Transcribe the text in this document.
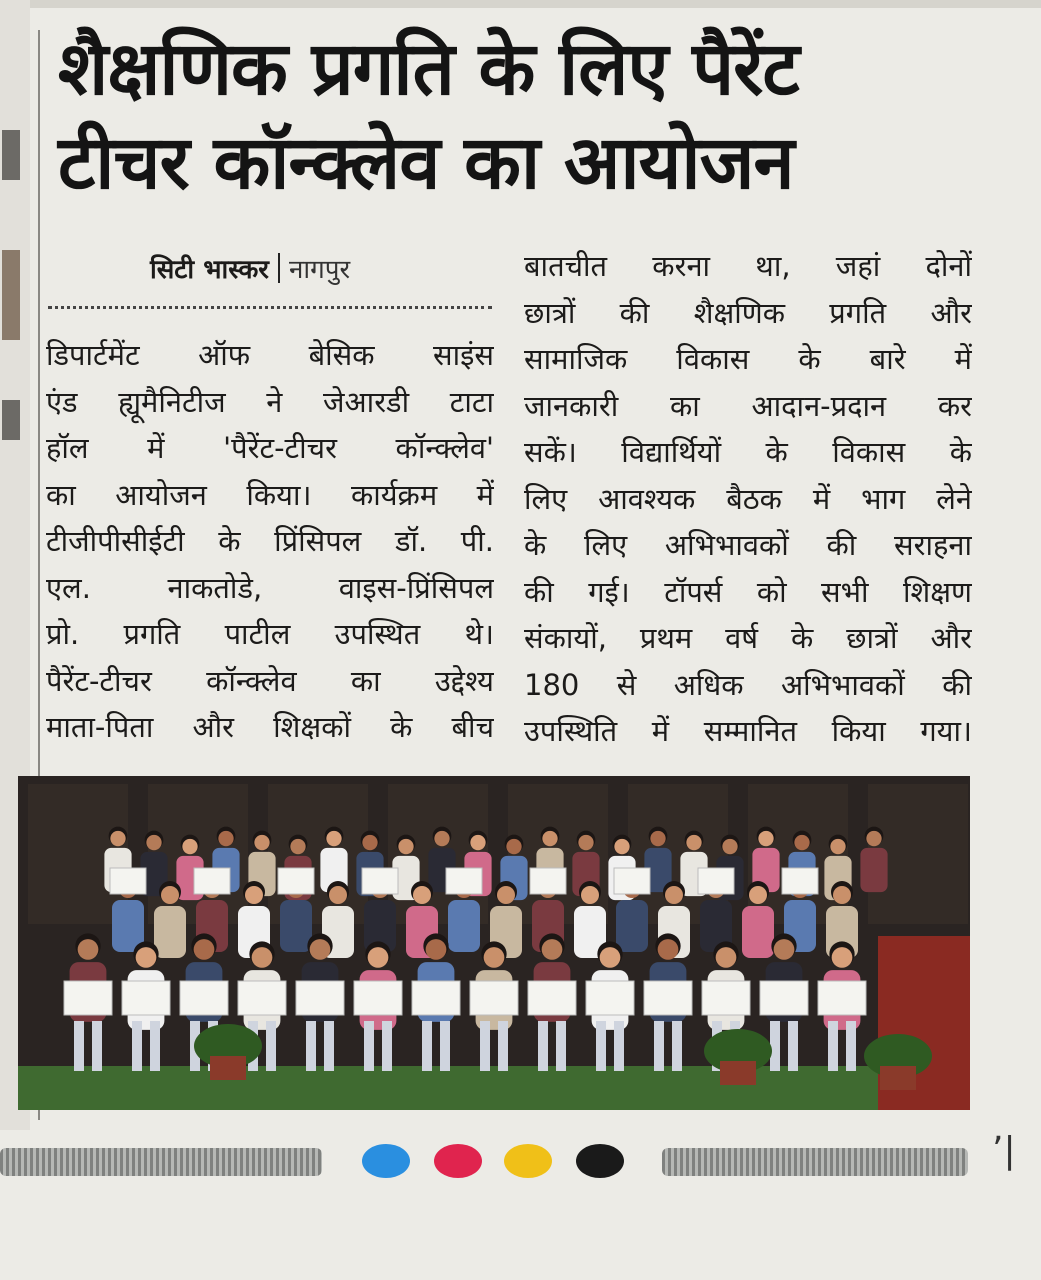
शैक्षणिक प्रगति के लिए पैरेंट
टीचर कॉन्क्लेव का आयोजन
सिटी भास्कर नागपुर
डिपार्टमेंट ऑफ बेसिक साइंस
एंड ह्यूमैनिटीज ने जेआरडी टाटा
हॉल में 'पैरेंट-टीचर कॉन्क्लेव'
का आयोजन किया। कार्यक्रम में
टीजीपीसीईटी के प्रिंसिपल डॉ. पी.
एल. नाकतोडे, वाइस-प्रिंसिपल
प्रो. प्रगति पाटील उपस्थित थे।
पैरेंट-टीचर कॉन्क्लेव का उद्देश्य
माता-पिता और शिक्षकों के बीच
बातचीत करना था, जहां दोनों
छात्रों की शैक्षणिक प्रगति और
सामाजिक विकास के बारे में
जानकारी का आदान-प्रदान कर
सकें। विद्यार्थियों के विकास के
लिए आवश्यक बैठक में भाग लेने
के लिए अभिभावकों की सराहना
की गई। टॉपर्स को सभी शिक्षण
संकायों, प्रथम वर्ष के छात्रों और
180 से अधिक अभिभावकों की
उपस्थिति में सम्मानित किया गया।
’|
